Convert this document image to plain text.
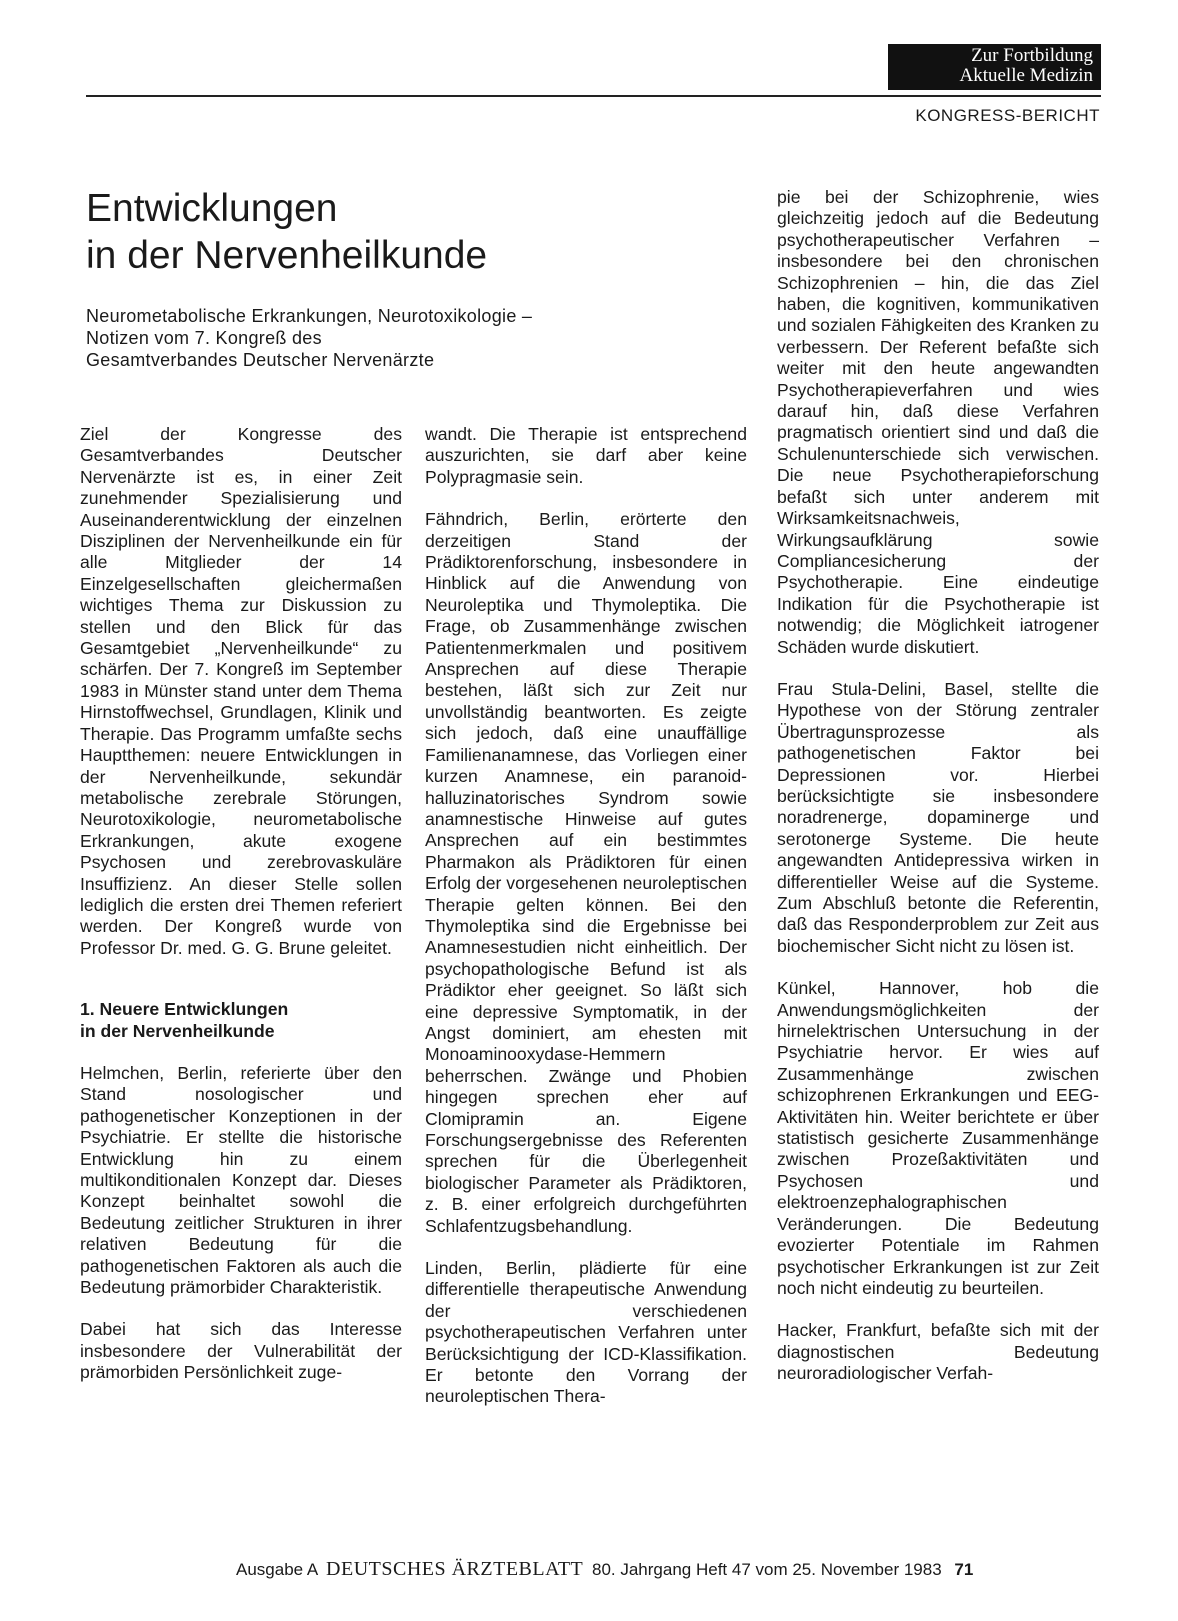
Zur Fortbildung
Aktuelle Medizin
KONGRESS-BERICHT
Entwicklungen
in der Nervenheilkunde
Neurometabolische Erkrankungen, Neurotoxikologie –
Notizen vom 7. Kongreß des
Gesamtverbandes Deutscher Nervenärzte

Ziel der Kongresse des Gesamtverbandes Deutscher Nervenärzte ist es, in einer Zeit zunehmender Spezialisierung und Auseinanderentwicklung der einzelnen Disziplinen der Nervenheilkunde ein für alle Mitglieder der 14 Einzelgesellschaften gleichermaßen wichtiges Thema zur Diskussion zu stellen und den Blick für das Gesamtgebiet „Nervenheilkunde“ zu schärfen. Der 7. Kongreß im September 1983 in Münster stand unter dem Thema Hirnstoffwechsel, Grundlagen, Klinik und Therapie. Das Programm umfaßte sechs Hauptthemen: neuere Entwicklungen in der Nervenheilkunde, sekundär metabolische zerebrale Störungen, Neurotoxikologie, neurometabolische Erkrankungen, akute exogene Psychosen und zerebrovaskuläre Insuffizienz. An dieser Stelle sollen lediglich die ersten drei Themen referiert werden. Der Kongreß wurde von Professor Dr. med. G. G. Brune geleitet.

1. Neuere Entwicklungen
in der Nervenheilkunde

Helmchen, Berlin, referierte über den Stand nosologischer und pathogenetischer Konzeptionen in der Psychiatrie. Er stellte die historische Entwicklung hin zu einem multikonditionalen Konzept dar. Dieses Konzept beinhaltet sowohl die Bedeutung zeitlicher Strukturen in ihrer relativen Bedeutung für die pathogenetischen Faktoren als auch die Bedeutung prämorbider Charakteristik.

Dabei hat sich das Interesse insbesondere der Vulnerabilität der prämorbiden Persönlichkeit zuge-

wandt. Die Therapie ist entsprechend auszurichten, sie darf aber keine Polypragmasie sein.

Fähndrich, Berlin, erörterte den derzeitigen Stand der Prädiktorenforschung, insbesondere in Hinblick auf die Anwendung von Neuroleptika und Thymoleptika. Die Frage, ob Zusammenhänge zwischen Patientenmerkmalen und positivem Ansprechen auf diese Therapie bestehen, läßt sich zur Zeit nur unvollständig beantworten. Es zeigte sich jedoch, daß eine unauffällige Familienanamnese, das Vorliegen einer kurzen Anamnese, ein paranoid-halluzinatorisches Syndrom sowie anamnestische Hinweise auf gutes Ansprechen auf ein bestimmtes Pharmakon als Prädiktoren für einen Erfolg der vorgesehenen neuroleptischen Therapie gelten können. Bei den Thymoleptika sind die Ergebnisse bei Anamnesestudien nicht einheitlich. Der psychopathologische Befund ist als Prädiktor eher geeignet. So läßt sich eine depressive Symptomatik, in der Angst dominiert, am ehesten mit Monoaminooxydase-Hemmern beherrschen. Zwänge und Phobien hingegen sprechen eher auf Clomipramin an. Eigene Forschungsergebnisse des Referenten sprechen für die Überlegenheit biologischer Parameter als Prädiktoren, z. B. einer erfolgreich durchgeführten Schlafentzugsbehandlung.

Linden, Berlin, plädierte für eine differentielle therapeutische Anwendung der verschiedenen psychotherapeutischen Verfahren unter Berücksichtigung der ICD-Klassifikation. Er betonte den Vorrang der neuroleptischen Thera-

pie bei der Schizophrenie, wies gleichzeitig jedoch auf die Bedeutung psychotherapeutischer Verfahren – insbesondere bei den chronischen Schizophrenien – hin, die das Ziel haben, die kognitiven, kommunikativen und sozialen Fähigkeiten des Kranken zu verbessern. Der Referent befaßte sich weiter mit den heute angewandten Psychotherapieverfahren und wies darauf hin, daß diese Verfahren pragmatisch orientiert sind und daß die Schulenunterschiede sich verwischen. Die neue Psychotherapieforschung befaßt sich unter anderem mit Wirksamkeitsnachweis, Wirkungsaufklärung sowie Compliancesicherung der Psychotherapie. Eine eindeutige Indikation für die Psychotherapie ist notwendig; die Möglichkeit iatrogener Schäden wurde diskutiert.

Frau Stula-Delini, Basel, stellte die Hypothese von der Störung zentraler Übertragunsprozesse als pathogenetischen Faktor bei Depressionen vor. Hierbei berücksichtigte sie insbesondere noradrenerge, dopaminerge und serotonerge Systeme. Die heute angewandten Antidepressiva wirken in differentieller Weise auf die Systeme. Zum Abschluß betonte die Referentin, daß das Responderproblem zur Zeit aus biochemischer Sicht nicht zu lösen ist.

Künkel, Hannover, hob die Anwendungsmöglichkeiten der hirnelektrischen Untersuchung in der Psychiatrie hervor. Er wies auf Zusammenhänge zwischen schizophrenen Erkrankungen und EEG-Aktivitäten hin. Weiter berichtete er über statistisch gesicherte Zusammenhänge zwischen Prozeßaktivitäten und Psychosen und elektroenzephalographischen Veränderungen. Die Bedeutung evozierter Potentiale im Rahmen psychotischer Erkrankungen ist zur Zeit noch nicht eindeutig zu beurteilen.

Hacker, Frankfurt, befaßte sich mit der diagnostischen Bedeutung neuroradiologischer Verfah-

Ausgabe A DEUTSCHES ÄRZTEBLATT 80. Jahrgang Heft 47 vom 25. November 1983 71
